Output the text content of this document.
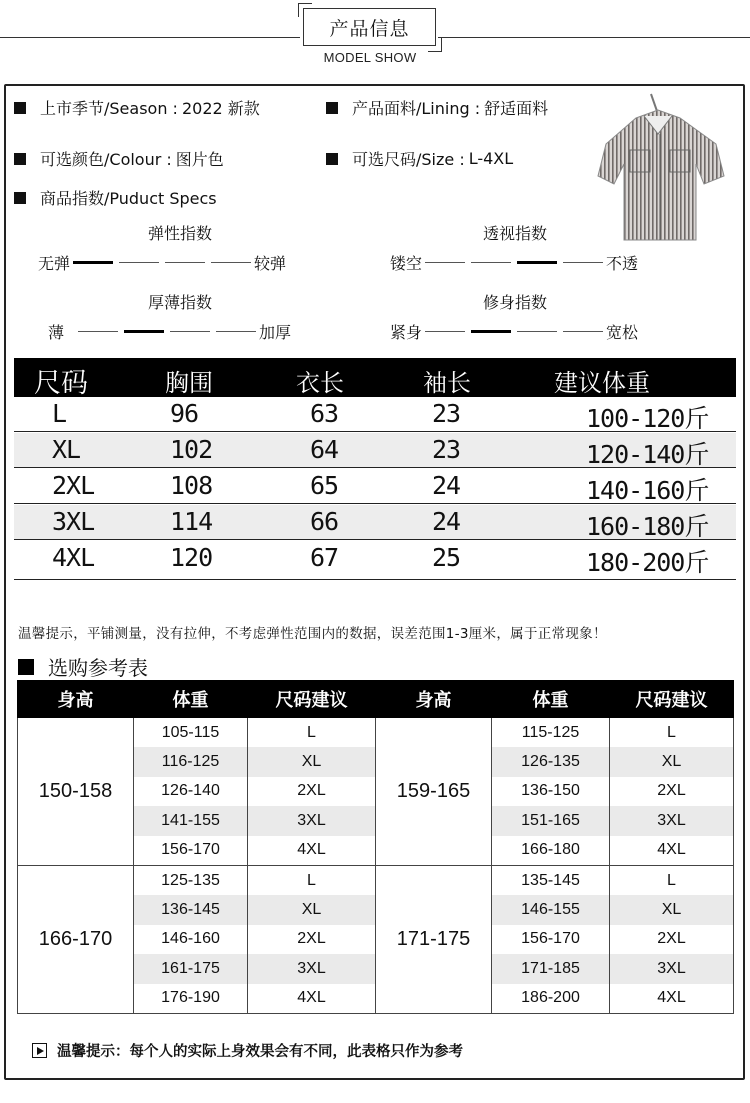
产品信息
MODEL SHOW
上市季节/Season : 2022 新款	产品面料/Lining : 舒适面料
可选颜色/Colour : 图片色	可选尺码/Size : L-4XL
商品指数/Puduct Specs
弹性指数
无弹	较弹
透视指数
镂空	不透
厚薄指数
薄	加厚
修身指数
紧身	宽松
尺码	胸围	衣长	袖长	建议体重
L	96	63	23	100-120斤
XL	102	64	23	120-140斤
2XL	108	65	24	140-160斤
3XL	114	66	24	160-180斤
4XL	120	67	25	180-200斤
温馨提示，平铺测量，没有拉伸，不考虑弹性范围内的数据，误差范围1-3厘米，属于正常现象！
选购参考表
身高	体重	尺码建议	身高	体重	尺码建议
150-158	105-115	L	159-165	115-125	L
	116-125	XL		126-135	XL
	126-140	2XL		136-150	2XL
	141-155	3XL		151-165	3XL
	156-170	4XL		166-180	4XL
166-170	125-135	L	171-175	135-145	L
	136-145	XL		146-155	XL
	146-160	2XL		156-170	2XL
	161-175	3XL		171-185	3XL
	176-190	4XL		186-200	4XL
温馨提示：每个人的实际上身效果会有不同，此表格只作为参考
